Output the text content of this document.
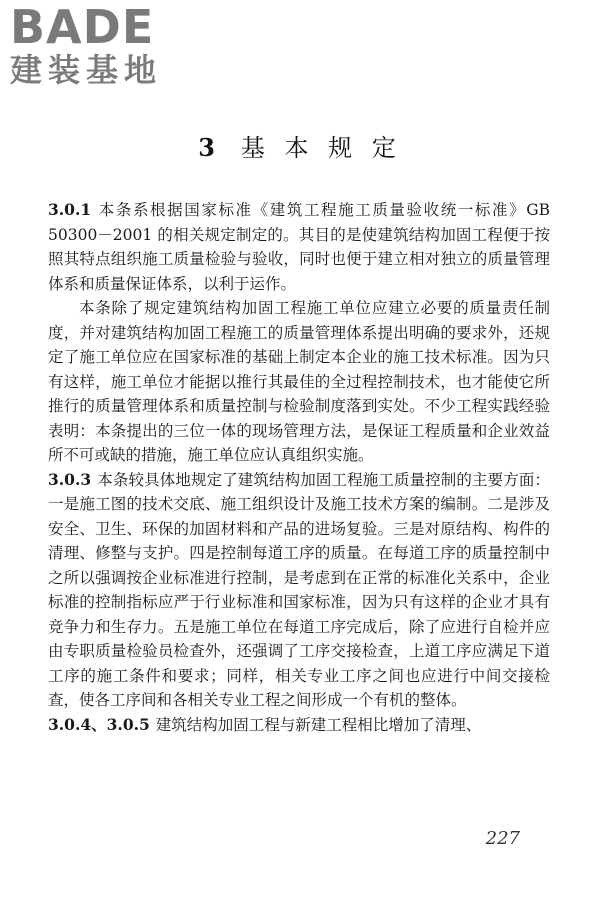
BADE
建装基地
3 基 本 规 定

3.0.1 本条系根据国家标准《建筑工程施工质量验收统一标准》GB 50300－2001 的相关规定制定的。其目的是使建筑结构加固工程便于按照其特点组织施工质量检验与验收，同时也便于建立相对独立的质量管理体系和质量保证体系，以利于运作。

本条除了规定建筑结构加固工程施工单位应建立必要的质量责任制度，并对建筑结构加固工程施工的质量管理体系提出明确的要求外，还规定了施工单位应在国家标准的基础上制定本企业的施工技术标准。因为只有这样，施工单位才能据以推行其最佳的全过程控制技术，也才能使它所推行的质量管理体系和质量控制与检验制度落到实处。不少工程实践经验表明：本条提出的三位一体的现场管理方法，是保证工程质量和企业效益所不可或缺的措施，施工单位应认真组织实施。

3.0.3 本条较具体地规定了建筑结构加固工程施工质量控制的主要方面：一是施工图的技术交底、施工组织设计及施工技术方案的编制。二是涉及安全、卫生、环保的加固材料和产品的进场复验。三是对原结构、构件的清理、修整与支护。四是控制每道工序的质量。在每道工序的质量控制中之所以强调按企业标准进行控制，是考虑到在正常的标准化关系中，企业标准的控制指标应严于行业标准和国家标准，因为只有这样的企业才具有竞争力和生存力。五是施工单位在每道工序完成后，除了应进行自检并应由专职质量检验员检查外，还强调了工序交接检查，上道工序应满足下道工序的施工条件和要求；同样，相关专业工序之间也应进行中间交接检查，使各工序间和各相关专业工程之间形成一个有机的整体。

3.0.4、3.0.5 建筑结构加固工程与新建工程相比增加了清理、

227
